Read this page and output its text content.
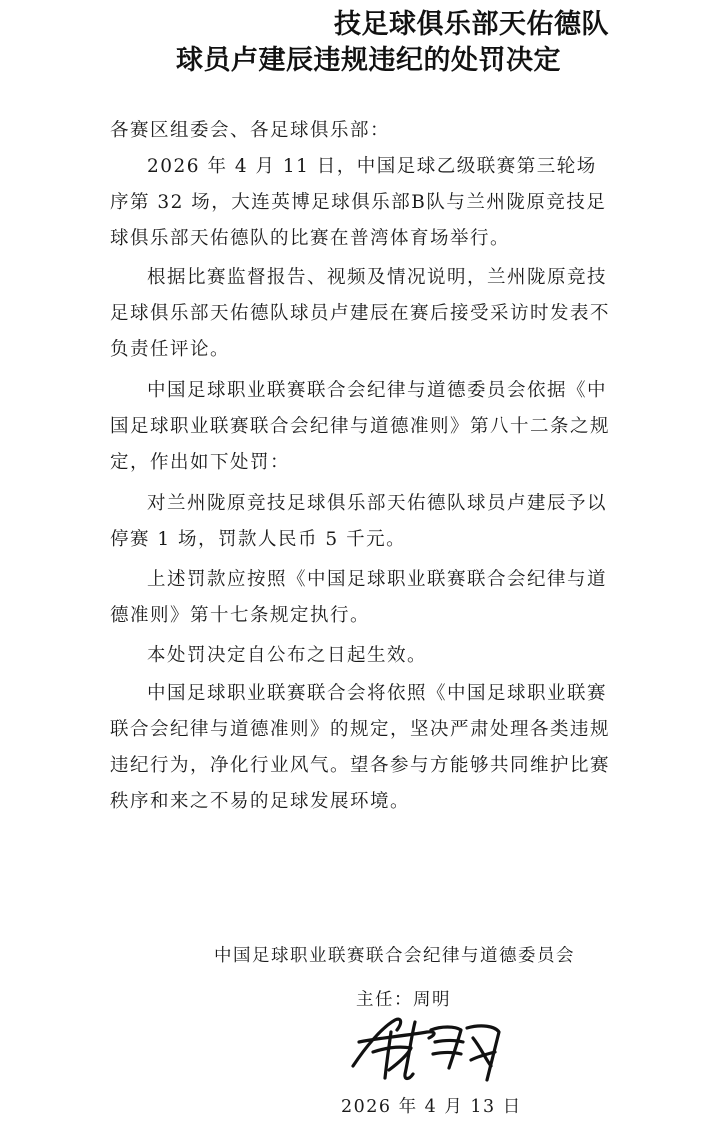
技足球俱乐部天佑德队
球员卢建辰违规违纪的处罚决定

各赛区组委会、各足球俱乐部：

2026 年 4 月 11 日，中国足球乙级联赛第三轮场序第 32 场，大连英博足球俱乐部B队与兰州陇原竞技足球俱乐部天佑德队的比赛在普湾体育场举行。

根据比赛监督报告、视频及情况说明，兰州陇原竞技足球俱乐部天佑德队球员卢建辰在赛后接受采访时发表不负责任评论。

中国足球职业联赛联合会纪律与道德委员会依据《中国足球职业联赛联合会纪律与道德准则》第八十二条之规定，作出如下处罚：

对兰州陇原竞技足球俱乐部天佑德队球员卢建辰予以停赛 1 场，罚款人民币 5 千元。

上述罚款应按照《中国足球职业联赛联合会纪律与道德准则》第十七条规定执行。

本处罚决定自公布之日起生效。

中国足球职业联赛联合会将依照《中国足球职业联赛联合会纪律与道德准则》的规定，坚决严肃处理各类违规违纪行为，净化行业风气。望各参与方能够共同维护比赛秩序和来之不易的足球发展环境。

中国足球职业联赛联合会纪律与道德委员会
主任：周明
2026 年 4 月 13 日
